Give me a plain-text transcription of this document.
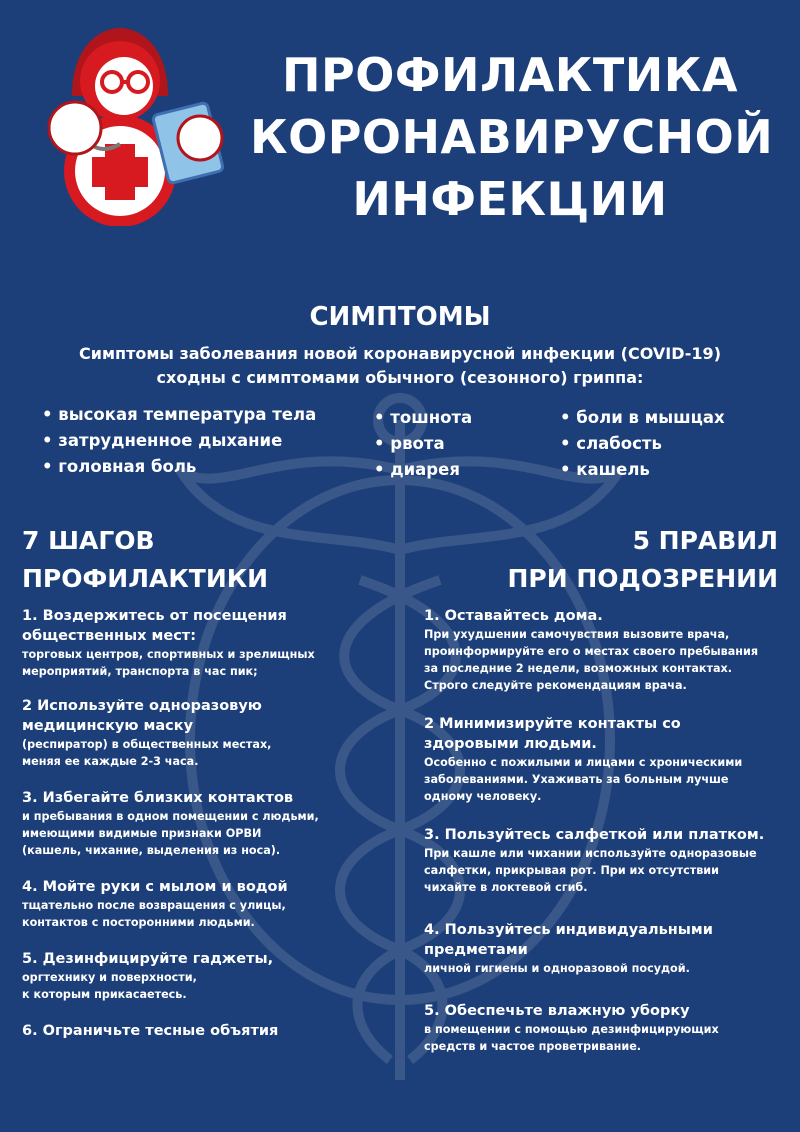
ПРОФИЛАКТИКА
КОРОНАВИРУСНОЙ
ИНФЕКЦИИ
СИМПТОМЫ

Симптомы заболевания новой коронавирусной инфекции (COVID-19)
сходны с симптомами обычного (сезонного) гриппа:

• высокая температура тела
• затрудненное дыхание
• головная боль
• тошнота
• рвота
• диарея
• боли в мышцах
• слабость
• кашель
7 ШАГОВ
ПРОФИЛАКТИКИ
5 ПРАВИЛ
ПРИ ПОДОЗРЕНИИ
1. Воздержитесь от посещения
общественных мест:
торговых центров, спортивных и зрелищных
мероприятий, транспорта в час пик;
2 Используйте одноразовую
медицинскую маску
(респиратор) в общественных местах,
меняя ее каждые 2-3 часа.
3. Избегайте близких контактов
и пребывания в одном помещении с людьми,
имеющими видимые признаки ОРВИ
(кашель, чихание, выделения из носа).
4. Мойте руки с мылом и водой
тщательно после возвращения с улицы,
контактов с посторонними людьми.
5. Дезинфицируйте гаджеты,
оргтехнику и поверхности,
к которым прикасаетесь.
6. Ограничьте тесные объятия
1. Оставайтесь дома.
При ухудшении самочувствия вызовите врача,
проинформируйте его о местах своего пребывания
за последние 2 недели, возможных контактах.
Строго следуйте рекомендациям врача.
2 Минимизируйте контакты со
здоровыми людьми.
Особенно с пожилыми и лицами с хроническими
заболеваниями. Ухаживать за больным лучше
одному человеку.
3. Пользуйтесь салфеткой или платком.
При кашле или чихании используйте одноразовые
салфетки, прикрывая рот. При их отсутствии
чихайте в локтевой сгиб.
4. Пользуйтесь индивидуальными
предметами
личной гигиены и одноразовой посудой.
5. Обеспечьте влажную уборку
в помещении с помощью дезинфицирующих
средств и частое проветривание.
